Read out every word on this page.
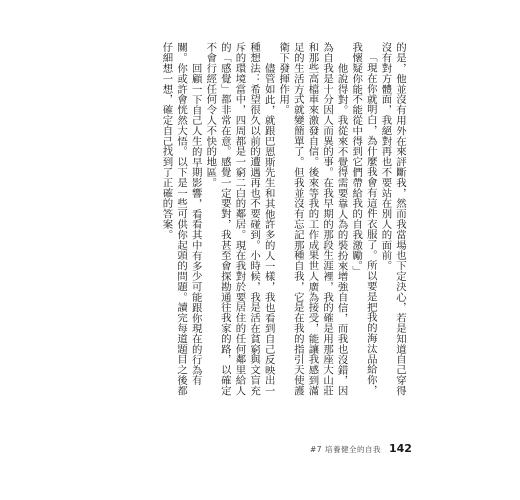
的是，他並沒有用外在來評斷我，然而我當場也下定決心，若是知道自己穿得沒有對方體面，我絕對再也不要站在別人的面前。

「現在你就明白，為什麼我會有這件衣服了。所以要是把我的海汰品給你，我懷疑你能不能從中得到它們帶給我的自我激勵。」

他說得對。我從來不覺得需要靠人為的裝扮來增強自信，而我也沒錯，因為自我是十分因人而異的事。在我早期的那段生涯裡，我的確是用那座大山莊和那些高檔車來激發自信。後來等我的工作成果世人廣為接受，能讓我感到滿足的生活方式就變簡單了。但我並沒有忘記那種自我，它是在我的指引天使護衛下發揮作用。

儘管如此，就跟巴恩斯先生和其他許多的人一樣，我也看到自己反映出一種想法：希望很久以前的遭遇再也不要碰到。小時候，我是活在貧窮與文盲充斥的環境當中，四周都是一窮二白的鄰居。現在我對於要居住的任何鄰里給人的「感覺」都非常在意。感覺一定要對，我甚至會探勘通往我家的路，以確定不會行經任何令人不快的地區。

回顧一下自己人生的早期影響，看看其中有多少可能跟你現在的行為有關。你或許會恍然大悟。以下是一些可供你起頭的問題。讀完每道題目之後都仔細想一想，確定自己找到了正確的答案。

#7 培養健全的自我 142
